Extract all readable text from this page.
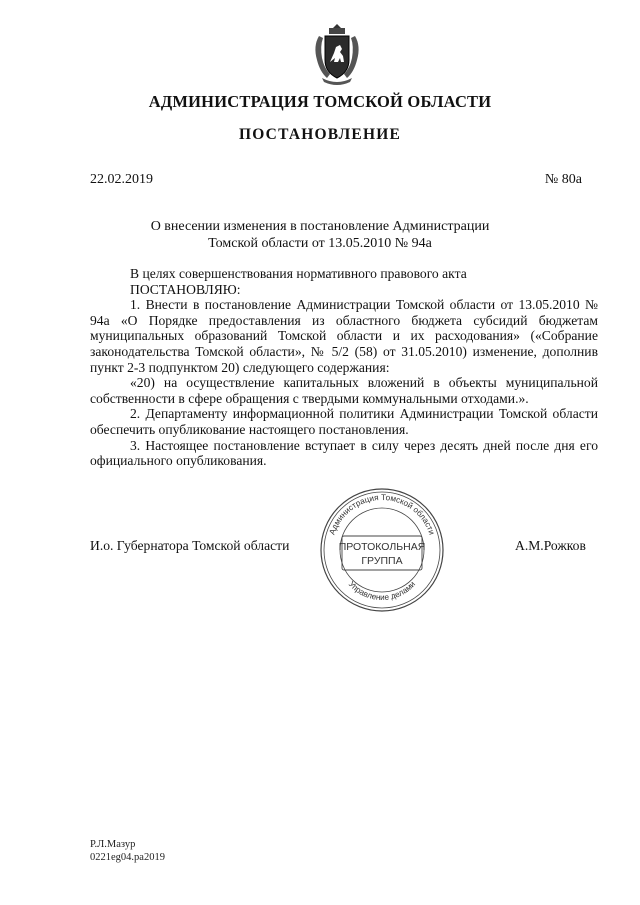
АДМИНИСТРАЦИЯ ТОМСКОЙ ОБЛАСТИ
ПОСТАНОВЛЕНИЕ
22.02.2019	№ 80а
О внесении изменения в постановление Администрации
Томской области от 13.05.2010 № 94а

В целях совершенствования нормативного правового акта

ПОСТАНОВЛЯЮ:

1. Внести в постановление Администрации Томской области от 13.05.2010 № 94а «О Порядке предоставления из областного бюджета субсидий бюджетам муниципальных образований Томской области и их расходования» («Собрание законодательства Томской области», № 5/2 (58) от 31.05.2010) изменение, дополнив пункт 2-3 подпунктом 20) следующего содержания:

«20) на осуществление капитальных вложений в объекты муниципальной собственности в сфере обращения с твердыми коммунальными отходами.».

2. Департаменту информационной политики Администрации Томской области обеспечить опубликование настоящего постановления.

3. Настоящее постановление вступает в силу через десять дней после дня его официального опубликования.

И.о. Губернатора Томской области	А.М.Рожков
Администрация Томской области
Управление делами
ПРОТОКОЛЬНАЯ
ГРУППА
Р.Л.Мазур
0221eg04.pa2019
